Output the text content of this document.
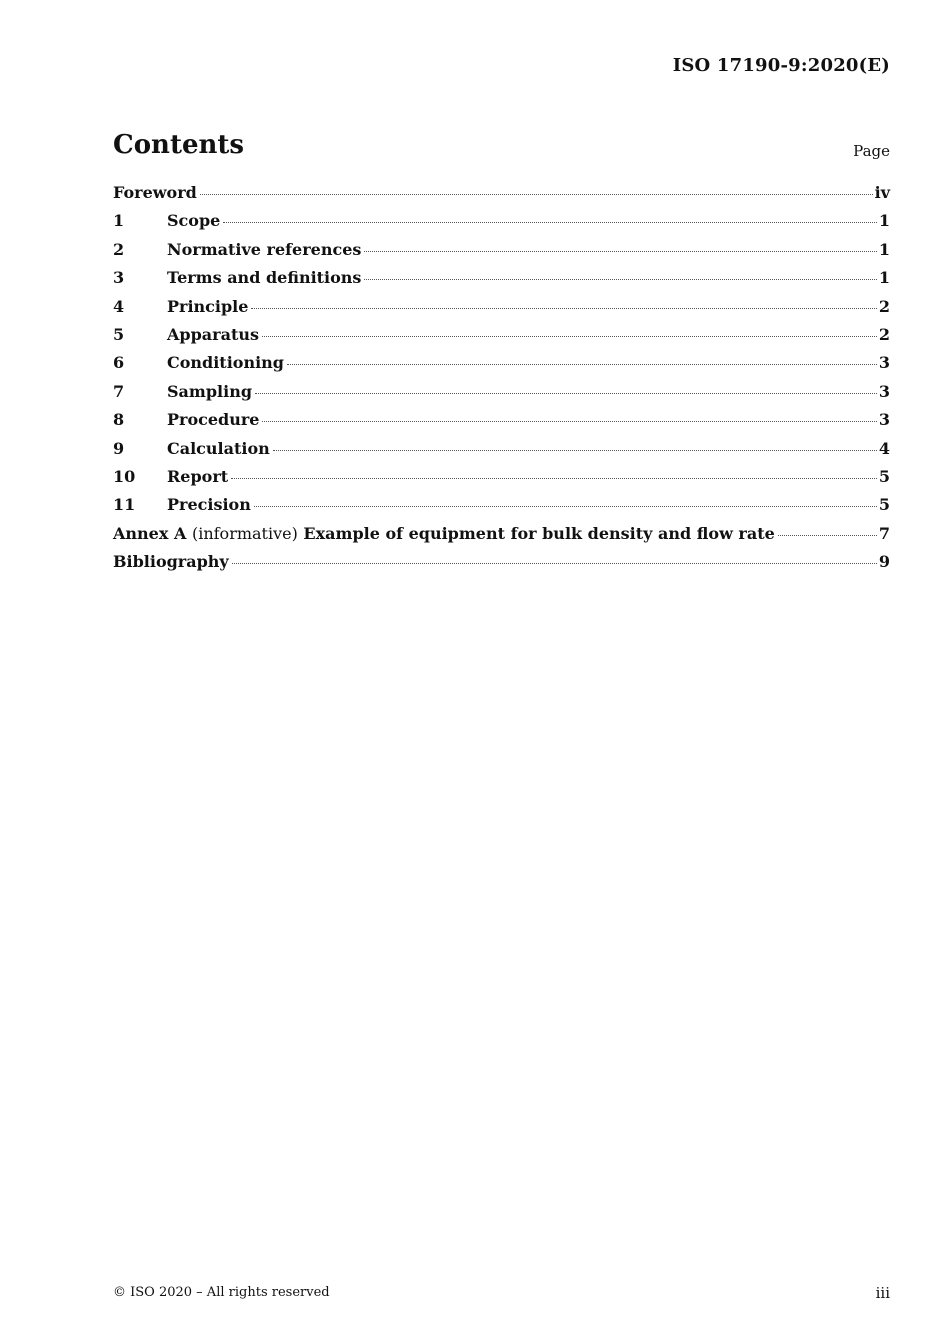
ISO 17190-9:2020(E)
Contents	Page
Foreword	iv
1	Scope	1
2	Normative references	1
3	Terms and definitions	1
4	Principle	2
5	Apparatus	2
6	Conditioning	3
7	Sampling	3
8	Procedure	3
9	Calculation	4
10	Report	5
11	Precision	5
Annex A (informative) Example of equipment for bulk density and flow rate	7
Bibliography	9
© ISO 2020 – All rights reserved	iii
